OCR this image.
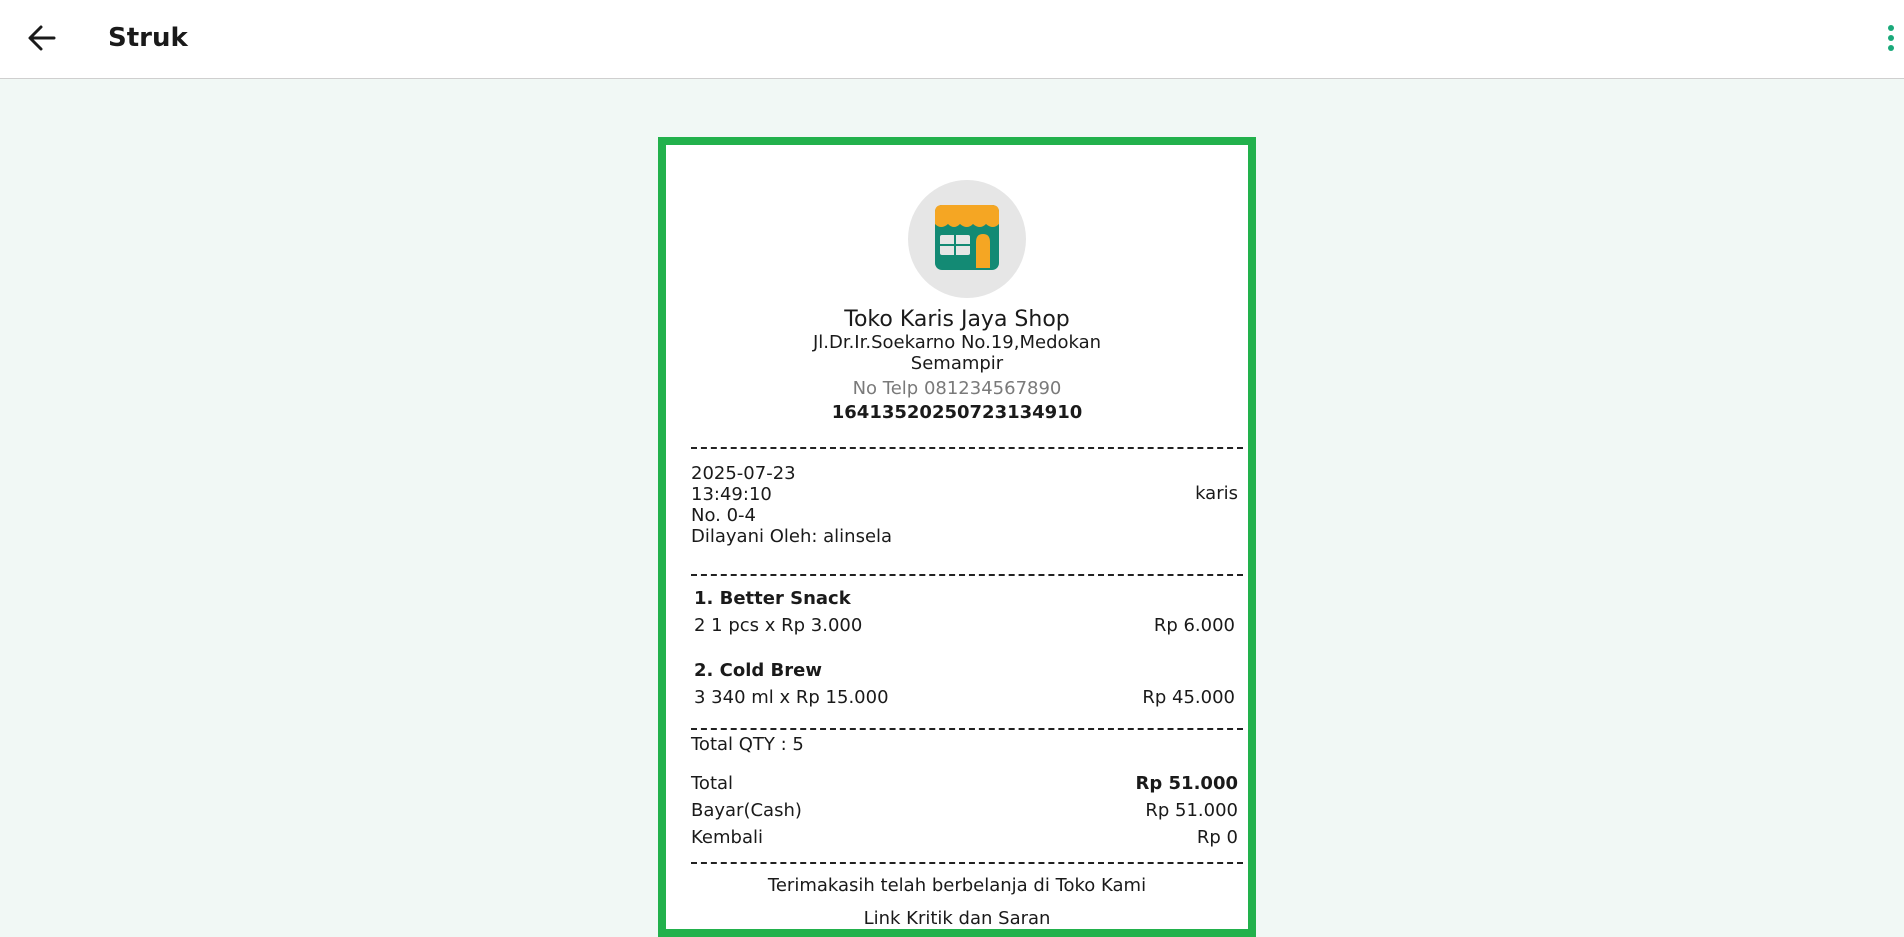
Struk
Toko Karis Jaya Shop
Jl.Dr.Ir.Soekarno No.19,Medokan Semampir
No Telp 081234567890
16413520250723134910
2025-07-23
13:49:10
No. 0-4
Dilayani Oleh: alinsela
karis
1. Better Snack
2 1 pcs x Rp 3.000	Rp 6.000
2. Cold Brew
3 340 ml x Rp 15.000	Rp 45.000
Total QTY : 5
Total	Rp 51.000
Bayar(Cash)	Rp 51.000
Kembali	Rp 0
Terimakasih telah berbelanja di Toko Kami
Link Kritik dan Saran
